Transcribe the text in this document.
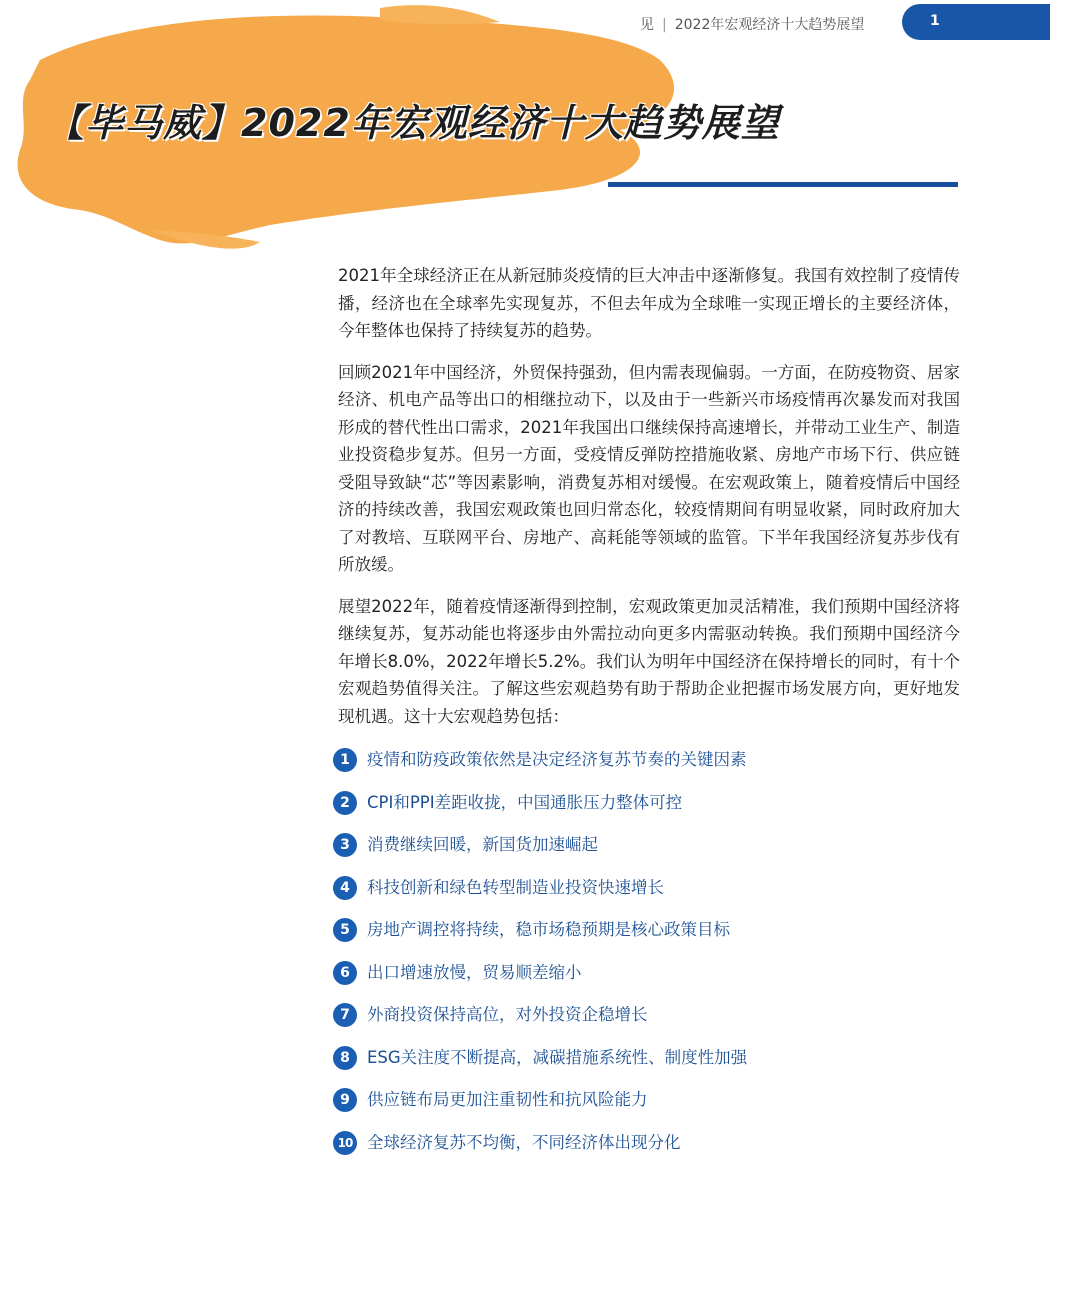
见 | 2022年宏观经济十大趋势展望	1
【毕马威】2022年宏观经济十大趋势展望

2021年全球经济正在从新冠肺炎疫情的巨大冲击中逐渐修复。我国有效控制了疫情传播，经济也在全球率先实现复苏，不但去年成为全球唯一实现正增长的主要经济体，今年整体也保持了持续复苏的趋势。

回顾2021年中国经济，外贸保持强劲，但内需表现偏弱。一方面，在防疫物资、居家经济、机电产品等出口的相继拉动下，以及由于一些新兴市场疫情再次暴发而对我国形成的替代性出口需求，2021年我国出口继续保持高速增长，并带动工业生产、制造业投资稳步复苏。但另一方面，受疫情反弹防控措施收紧、房地产市场下行、供应链受阻导致缺“芯”等因素影响，消费复苏相对缓慢。在宏观政策上，随着疫情后中国经济的持续改善，我国宏观政策也回归常态化，较疫情期间有明显收紧，同时政府加大了对教培、互联网平台、房地产、高耗能等领域的监管。下半年我国经济复苏步伐有所放缓。

展望2022年，随着疫情逐渐得到控制，宏观政策更加灵活精准，我们预期中国经济将继续复苏，复苏动能也将逐步由外需拉动向更多内需驱动转换。我们预期中国经济今年增长8.0%，2022年增长5.2%。我们认为明年中国经济在保持增长的同时，有十个宏观趋势值得关注。了解这些宏观趋势有助于帮助企业把握市场发展方向，更好地发现机遇。这十大宏观趋势包括：

1	疫情和防疫政策依然是决定经济复苏节奏的关键因素
2	CPI和PPI差距收拢，中国通胀压力整体可控
3	消费继续回暖，新国货加速崛起
4	科技创新和绿色转型制造业投资快速增长
5	房地产调控将持续，稳市场稳预期是核心政策目标
6	出口增速放慢，贸易顺差缩小
7	外商投资保持高位，对外投资企稳增长
8	ESG关注度不断提高，减碳措施系统性、制度性加强
9	供应链布局更加注重韧性和抗风险能力
10 全球经济复苏不均衡，不同经济体出现分化
